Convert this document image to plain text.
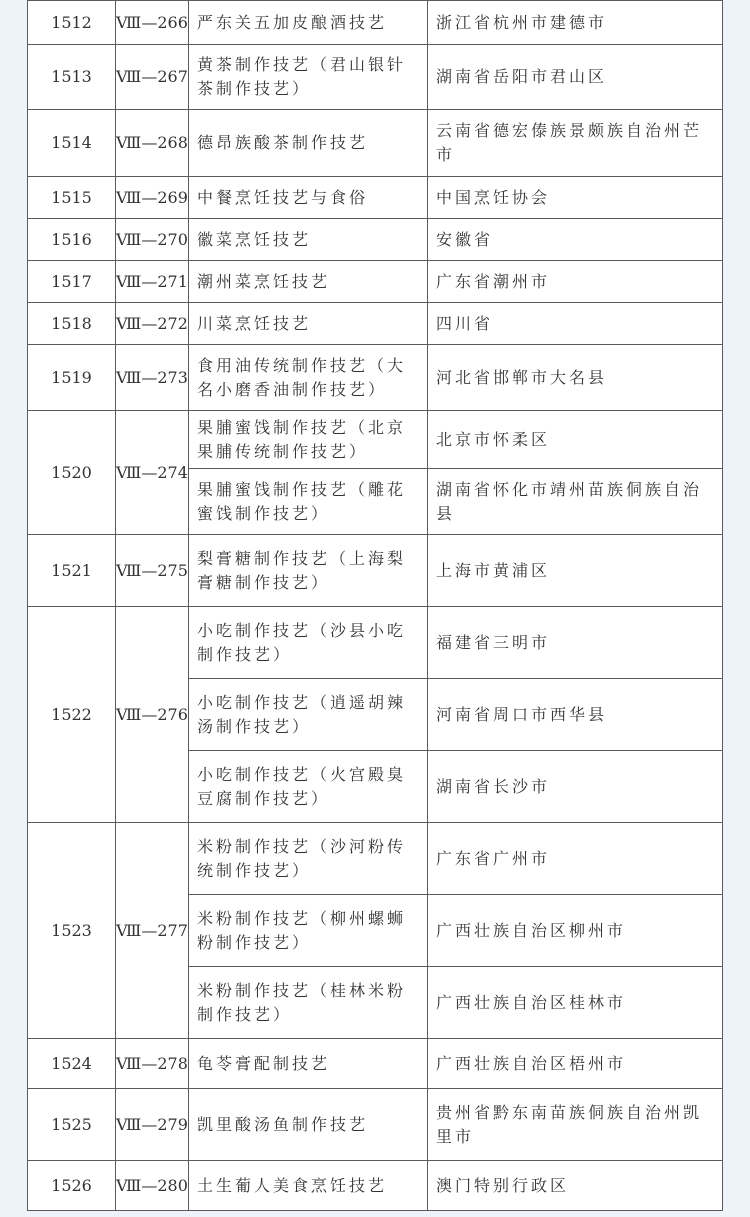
1512	Ⅷ—266	严东关五加皮酿酒技艺	浙江省杭州市建德市
1513	Ⅷ—267	黄茶制作技艺（君山银针茶制作技艺）	湖南省岳阳市君山区
1514	Ⅷ—268	德昂族酸茶制作技艺	云南省德宏傣族景颇族自治州芒市
1515	Ⅷ—269	中餐烹饪技艺与食俗	中国烹饪协会
1516	Ⅷ—270	徽菜烹饪技艺	安徽省
1517	Ⅷ—271	潮州菜烹饪技艺	广东省潮州市
1518	Ⅷ—272	川菜烹饪技艺	四川省
1519	Ⅷ—273	食用油传统制作技艺（大名小磨香油制作技艺）	河北省邯郸市大名县
1520	Ⅷ—274	果脯蜜饯制作技艺（北京果脯传统制作技艺）	北京市怀柔区
		果脯蜜饯制作技艺（雕花蜜饯制作技艺）	湖南省怀化市靖州苗族侗族自治县
1521	Ⅷ—275	梨膏糖制作技艺（上海梨膏糖制作技艺）	上海市黄浦区
1522	Ⅷ—276	小吃制作技艺（沙县小吃制作技艺）	福建省三明市
		小吃制作技艺（逍遥胡辣汤制作技艺）	河南省周口市西华县
		小吃制作技艺（火宫殿臭豆腐制作技艺）	湖南省长沙市
1523	Ⅷ—277	米粉制作技艺（沙河粉传统制作技艺）	广东省广州市
		米粉制作技艺（柳州螺蛳粉制作技艺）	广西壮族自治区柳州市
		米粉制作技艺（桂林米粉制作技艺）	广西壮族自治区桂林市
1524	Ⅷ—278	龟苓膏配制技艺	广西壮族自治区梧州市
1525	Ⅷ—279	凯里酸汤鱼制作技艺	贵州省黔东南苗族侗族自治州凯里市
1526	Ⅷ—280	土生葡人美食烹饪技艺	澳门特别行政区
